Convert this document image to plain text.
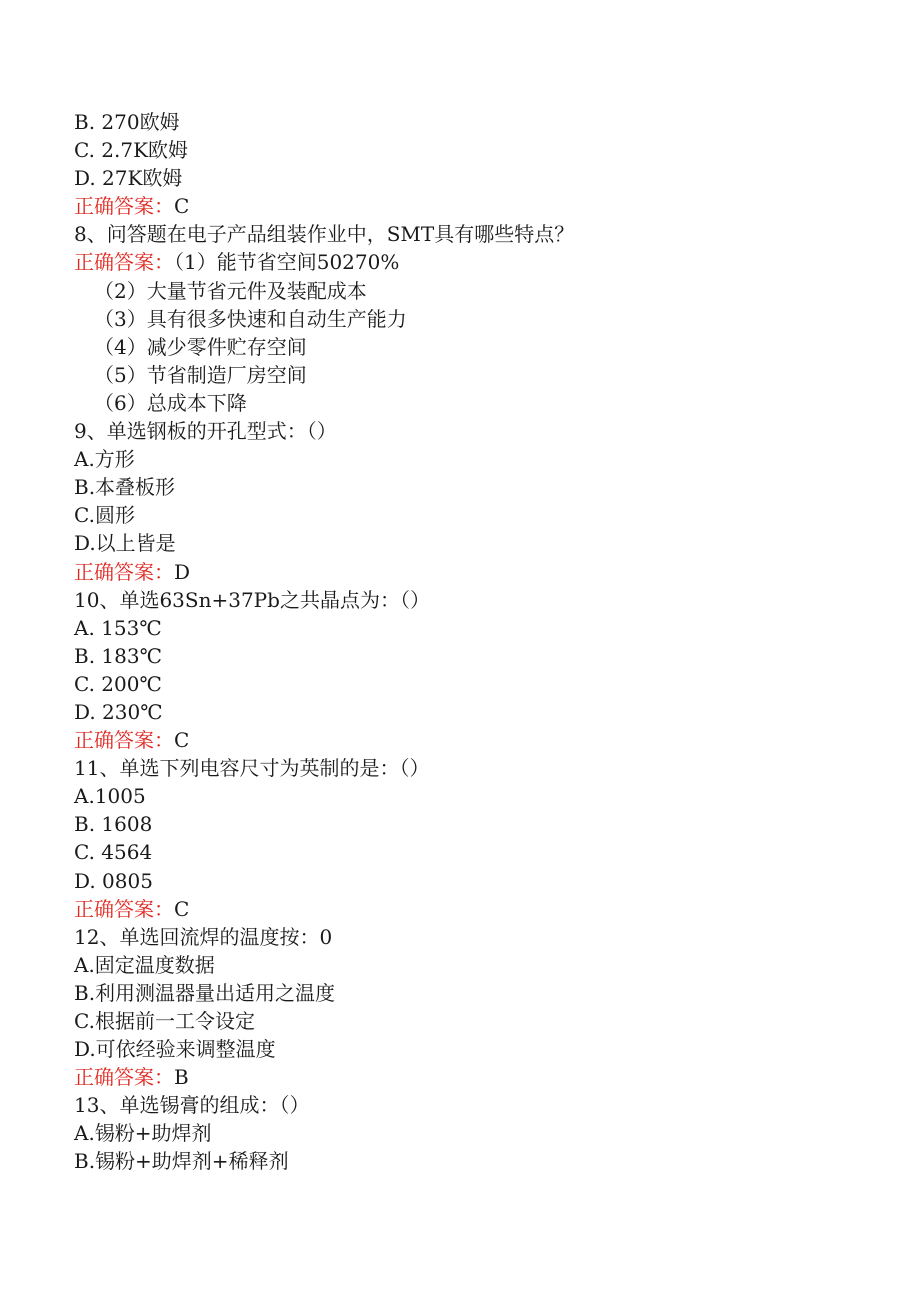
B. 270欧姆
C. 2.7K欧姆
D. 27K欧姆
正确答案：C
8、问答题在电子产品组装作业中，SMT具有哪些特点？
正确答案：（1）能节省空间50270%
（2）大量节省元件及装配成本
（3）具有很多快速和自动生产能力
（4）减少零件贮存空间
（5）节省制造厂房空间
（6）总成本下降
9、单选钢板的开孔型式：（）
A.方形
B.本叠板形
C.圆形
D.以上皆是
正确答案：D
10、单选63Sn+37Pb之共晶点为：（）
A. 153℃
B. 183℃
C. 200℃
D. 230℃
正确答案：C
11、单选下列电容尺寸为英制的是：（）
A.1005
B. 1608
C. 4564
D. 0805
正确答案：C
12、单选回流焊的温度按：0
A.固定温度数据
B.利用测温器量出适用之温度
C.根据前一工令设定
D.可依经验来调整温度
正确答案：B
13、单选锡膏的组成：（）
A.锡粉+助焊剂
B.锡粉+助焊剂+稀释剂
